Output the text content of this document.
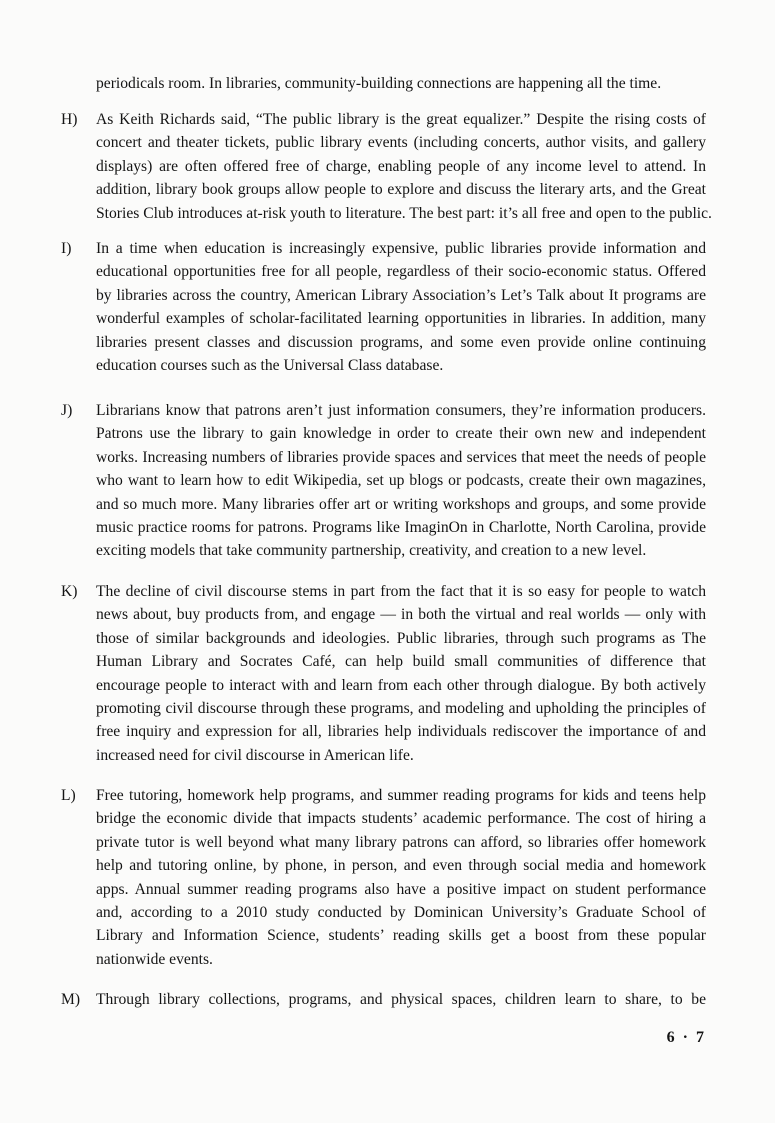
periodicals room. In libraries, community-building connections are happening all the time.
H) As Keith Richards said, “The public library is the great equalizer.” Despite the rising costs of
concert and theater tickets, public library events (including concerts, author visits, and gallery
displays) are often offered free of charge, enabling people of any income level to attend. In
addition, library book groups allow people to explore and discuss the literary arts, and the Great
Stories Club introduces at-risk youth to literature. The best part: it’s all free and open to the public.
I) In a time when education is increasingly expensive, public libraries provide information and
educational opportunities free for all people, regardless of their socio-economic status. Offered
by libraries across the country, American Library Association’s Let’s Talk about It programs are
wonderful examples of scholar-facilitated learning opportunities in libraries. In addition, many
libraries present classes and discussion programs, and some even provide online continuing
education courses such as the Universal Class database.
J) Librarians know that patrons aren’t just information consumers, they’re information producers.
Patrons use the library to gain knowledge in order to create their own new and independent
works. Increasing numbers of libraries provide spaces and services that meet the needs of people
who want to learn how to edit Wikipedia, set up blogs or podcasts, create their own magazines,
and so much more. Many libraries offer art or writing workshops and groups, and some provide
music practice rooms for patrons. Programs like ImaginOn in Charlotte, North Carolina, provide
exciting models that take community partnership, creativity, and creation to a new level.
K) The decline of civil discourse stems in part from the fact that it is so easy for people to watch
news about, buy products from, and engage — in both the virtual and real worlds — only with
those of similar backgrounds and ideologies. Public libraries, through such programs as The
Human Library and Socrates Café, can help build small communities of difference that
encourage people to interact with and learn from each other through dialogue. By both actively
promoting civil discourse through these programs, and modeling and upholding the principles of
free inquiry and expression for all, libraries help individuals rediscover the importance of and
increased need for civil discourse in American life.
L) Free tutoring, homework help programs, and summer reading programs for kids and teens help
bridge the economic divide that impacts students’ academic performance. The cost of hiring a
private tutor is well beyond what many library patrons can afford, so libraries offer homework
help and tutoring online, by phone, in person, and even through social media and homework
apps. Annual summer reading programs also have a positive impact on student performance
and, according to a 2010 study conducted by Dominican University’s Graduate School of
Library and Information Science, students’ reading skills get a boost from these popular
nationwide events.
M) Through library collections, programs, and physical spaces, children learn to share, to be
6 · 7
